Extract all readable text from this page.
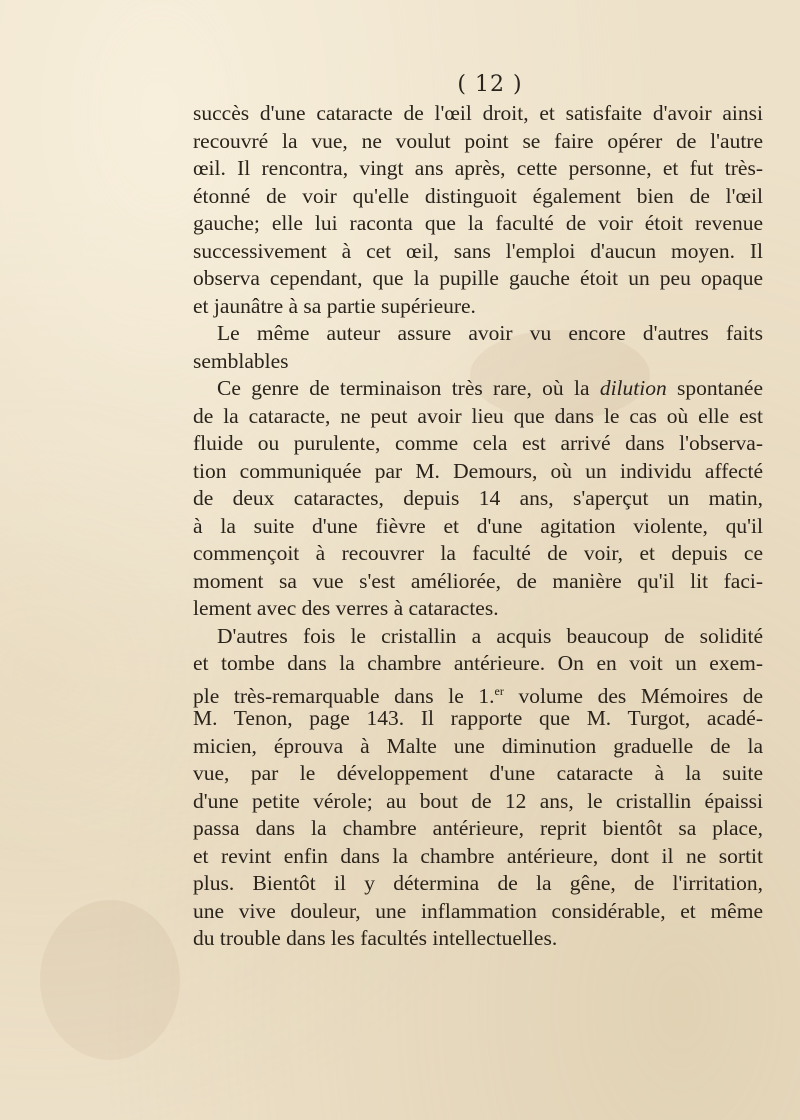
( 12 )
succès d'une cataracte de l'œil droit, et satisfaite d'avoir ainsi
recouvré la vue, ne voulut point se faire opérer de l'autre
œil. Il rencontra, vingt ans après, cette personne, et fut très-
étonné de voir qu'elle distinguoit également bien de l'œil
gauche; elle lui raconta que la faculté de voir étoit revenue
successivement à cet œil, sans l'emploi d'aucun moyen. Il
observa cependant, que la pupille gauche étoit un peu opaque
et jaunâtre à sa partie supérieure.
Le même auteur assure avoir vu encore d'autres faits
semblables
Ce genre de terminaison très rare, où la dilution spontanée
de la cataracte, ne peut avoir lieu que dans le cas où elle est
fluide ou purulente, comme cela est arrivé dans l'observa-
tion communiquée par M. Demours, où un individu affecté
de deux cataractes, depuis 14 ans, s'aperçut un matin,
à la suite d'une fièvre et d'une agitation violente, qu'il
commençoit à recouvrer la faculté de voir, et depuis ce
moment sa vue s'est améliorée, de manière qu'il lit faci-
lement avec des verres à cataractes.
D'autres fois le cristallin a acquis beaucoup de solidité
et tombe dans la chambre antérieure. On en voit un exem-
ple très-remarquable dans le 1.$^{er}$ volume des Mémoires de
M. Tenon, page 143. Il rapporte que M. Turgot, acadé-
micien, éprouva à Malte une diminution graduelle de la
vue, par le développement d'une cataracte à la suite
d'une petite vérole; au bout de 12 ans, le cristallin épaissi
passa dans la chambre antérieure, reprit bientôt sa place,
et revint enfin dans la chambre antérieure, dont il ne sortit
plus. Bientôt il y détermina de la gêne, de l'irritation,
une vive douleur, une inflammation considérable, et même
du trouble dans les facultés intellectuelles.
